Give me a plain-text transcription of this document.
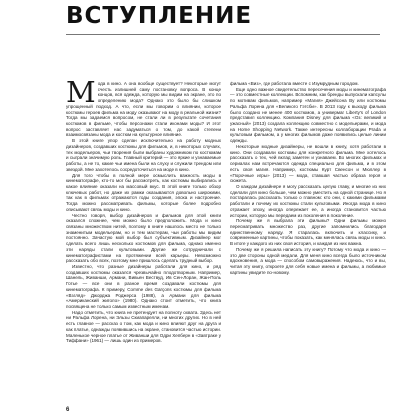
ВСТУПЛЕНИЕ

Мода в кино. А она вообще существует? Некоторые могут счесть излишней саму постановку вопроса. В конце концов, вся одежда, которую мы видим на экране, это по определению мода? Однако это было бы слишком упрощенный подход. А что, если мы говорим о влиянии, которое костюмы героев фильма на моду оказывают на моду в реальной жизни? Тогда мы задаемся вопросом, не стали ли в результате сочетания костюмов в фильме, чтобы персонажи стали иконами моды? И этот вопрос заставляет нас задуматься о том, до какой степени взаимосвязаны мода и костюм на культурное влияние.

В этой книге упор сделан исключительно на работу модных дизайнеров, создавших костюмы для фильмов, и, в некоторых случаях, тех модельеров, чьи творения были выбраны художником по костюмам и сыграли значимую роль. Главный критерий — это яркие и узнаваемые работы, а не то, какие чьи имена были на слуху и служили трендом или звездой. Мне захотелось сосредоточиться на моде в кино.

Для того чтобы в полной мере осмыслить важность моды в кинематографе, кто-то мог бы рассмотреть, как костюмы выбирались и какое влияние оказали на массовый вкус. В этой книге только обзор ключевых работ, но даже их рамки оказываются довольно широкими, так как в фильмах отражаются годы создания, эпоха и настроение. Тогда можно рассматривать фильмы, которые более подробно описывают связь моды и кино.

Честно говоря, выбор дизайнеров и фильмов для этой книги оказался сложнее, чем можно было предположить. Мода и кино связаны множеством нитей, поэтому в книге нашлось место не только знаменитым модельерам, но и тем мастерам, чьи работы мы видим постоянно. Зачастую мой выбор был субъективным. Дизайнер мог сделать всего лишь несколько костюмов для фильма, однако именно эти наряды стали культовыми. Другие же сотрудничали с кинематографистами на протяжении всей карьеры. Невозможно рассказать обо всех, поэтому мне пришлось сделать трудный выбор.

Известно, что разные дизайнеры работали для кино, и ряд создавших костюмы оказался чрезвычайно плодотворным. Например, Шанель, Живанши, Армани, Вивьен Вествуд, Ив Сен-Лоран, Жан-Поль Готье — все они в разное время создавали костюмы для кинематографа. К примеру, Comme des Garçons костюмы для фильма «Взгляд» Джорджа Роджерса (1988), а Армани для фильма «Американский жиголо» (1980). Однако стоит отметить, что книга посвящена не только самым известным именам.

Надо отметить, что книга не претендует на полноту охвата. Здесь нет ни Ральфа Лорена, ни Эльзы Скиапарелли, ни многих других. Но в ней есть главное — рассказ о том, как мода и кино влияют друг на друга и как платье, однажды появившись на экране, становится частью истории. Маленькое черное платье от Живанши для Одри Хепберн в «Завтраке у Тиффани» (1961) — лишь один из примеров.

фильма «Виз», где работала вместе с Изумрудным городом.

Еще одно важное свидетельство пересечения моды и кинематографа — это совместные коллекции. Вспомним, как бренды выпускали капсулы по мотивам фильмов, например «Магия» Джейсона Ву или костюмы Ральфа Лорена для «Великого Гэтсби». В 2013 году к выходу фильма было создано не менее 400 костюмов, а универмаг Liberty's of London представил коллекцию. Компания Disney для фильма «Оз: великий и ужасный» (2013) создала коллекцию совместно с модельерами, и мода на Home Shopping Network. Также интересны коллаборации Prada и культовым фильмом, а у многих фильмов даже появились целые линии одежды.

Некоторые модные дизайнеры, не вошли в книгу, хотя работали в кино. Они создавали костюмы для конкретного фильма. Мне хотелось рассказать о тех, чей вклад заметен и узнаваем. Во многих фильмах и сериалах нам встречаются одежда специально для фильма, и в этом есть своя магия. Например, костюмы Курт Свенсон и Мюллер в «Порочные игры» (2013) — мода, ставшая частью образа героя и сюжета.

О каждом дизайнере я могу рассказать целую главу, и многие из них сделали для кино больше, чем можно уместить на одной странице. Но я постаралась рассказать только о главном: кто они, с какими фильмами работали и почему их костюмы стали культовыми. Иногда мода в кино отражает эпоху, иногда опережает ее, а иногда становится частью истории, которую мы передаем из поколения в поколение.

Почему же я выбрала эти фильмы? Одни фильмы можно пересматривать множество раз, другие запомнились благодаря единственному наряду. Я старалась включить и классику, и современные картины, чтобы показать, как менялась связь моды и кино. В итоге у каждого из них своя история, и каждая из них важна.

Почему же я решила написать эту книгу? Потому что мода и кино — это две стороны одной медали. Для меня кино всегда было источником вдохновения, а мода — способом самовыражения. Надеюсь, что и вы, читая эту книгу, откроете для себя новые имена и фильмы, а любимые картины увидите по-новому.

6
